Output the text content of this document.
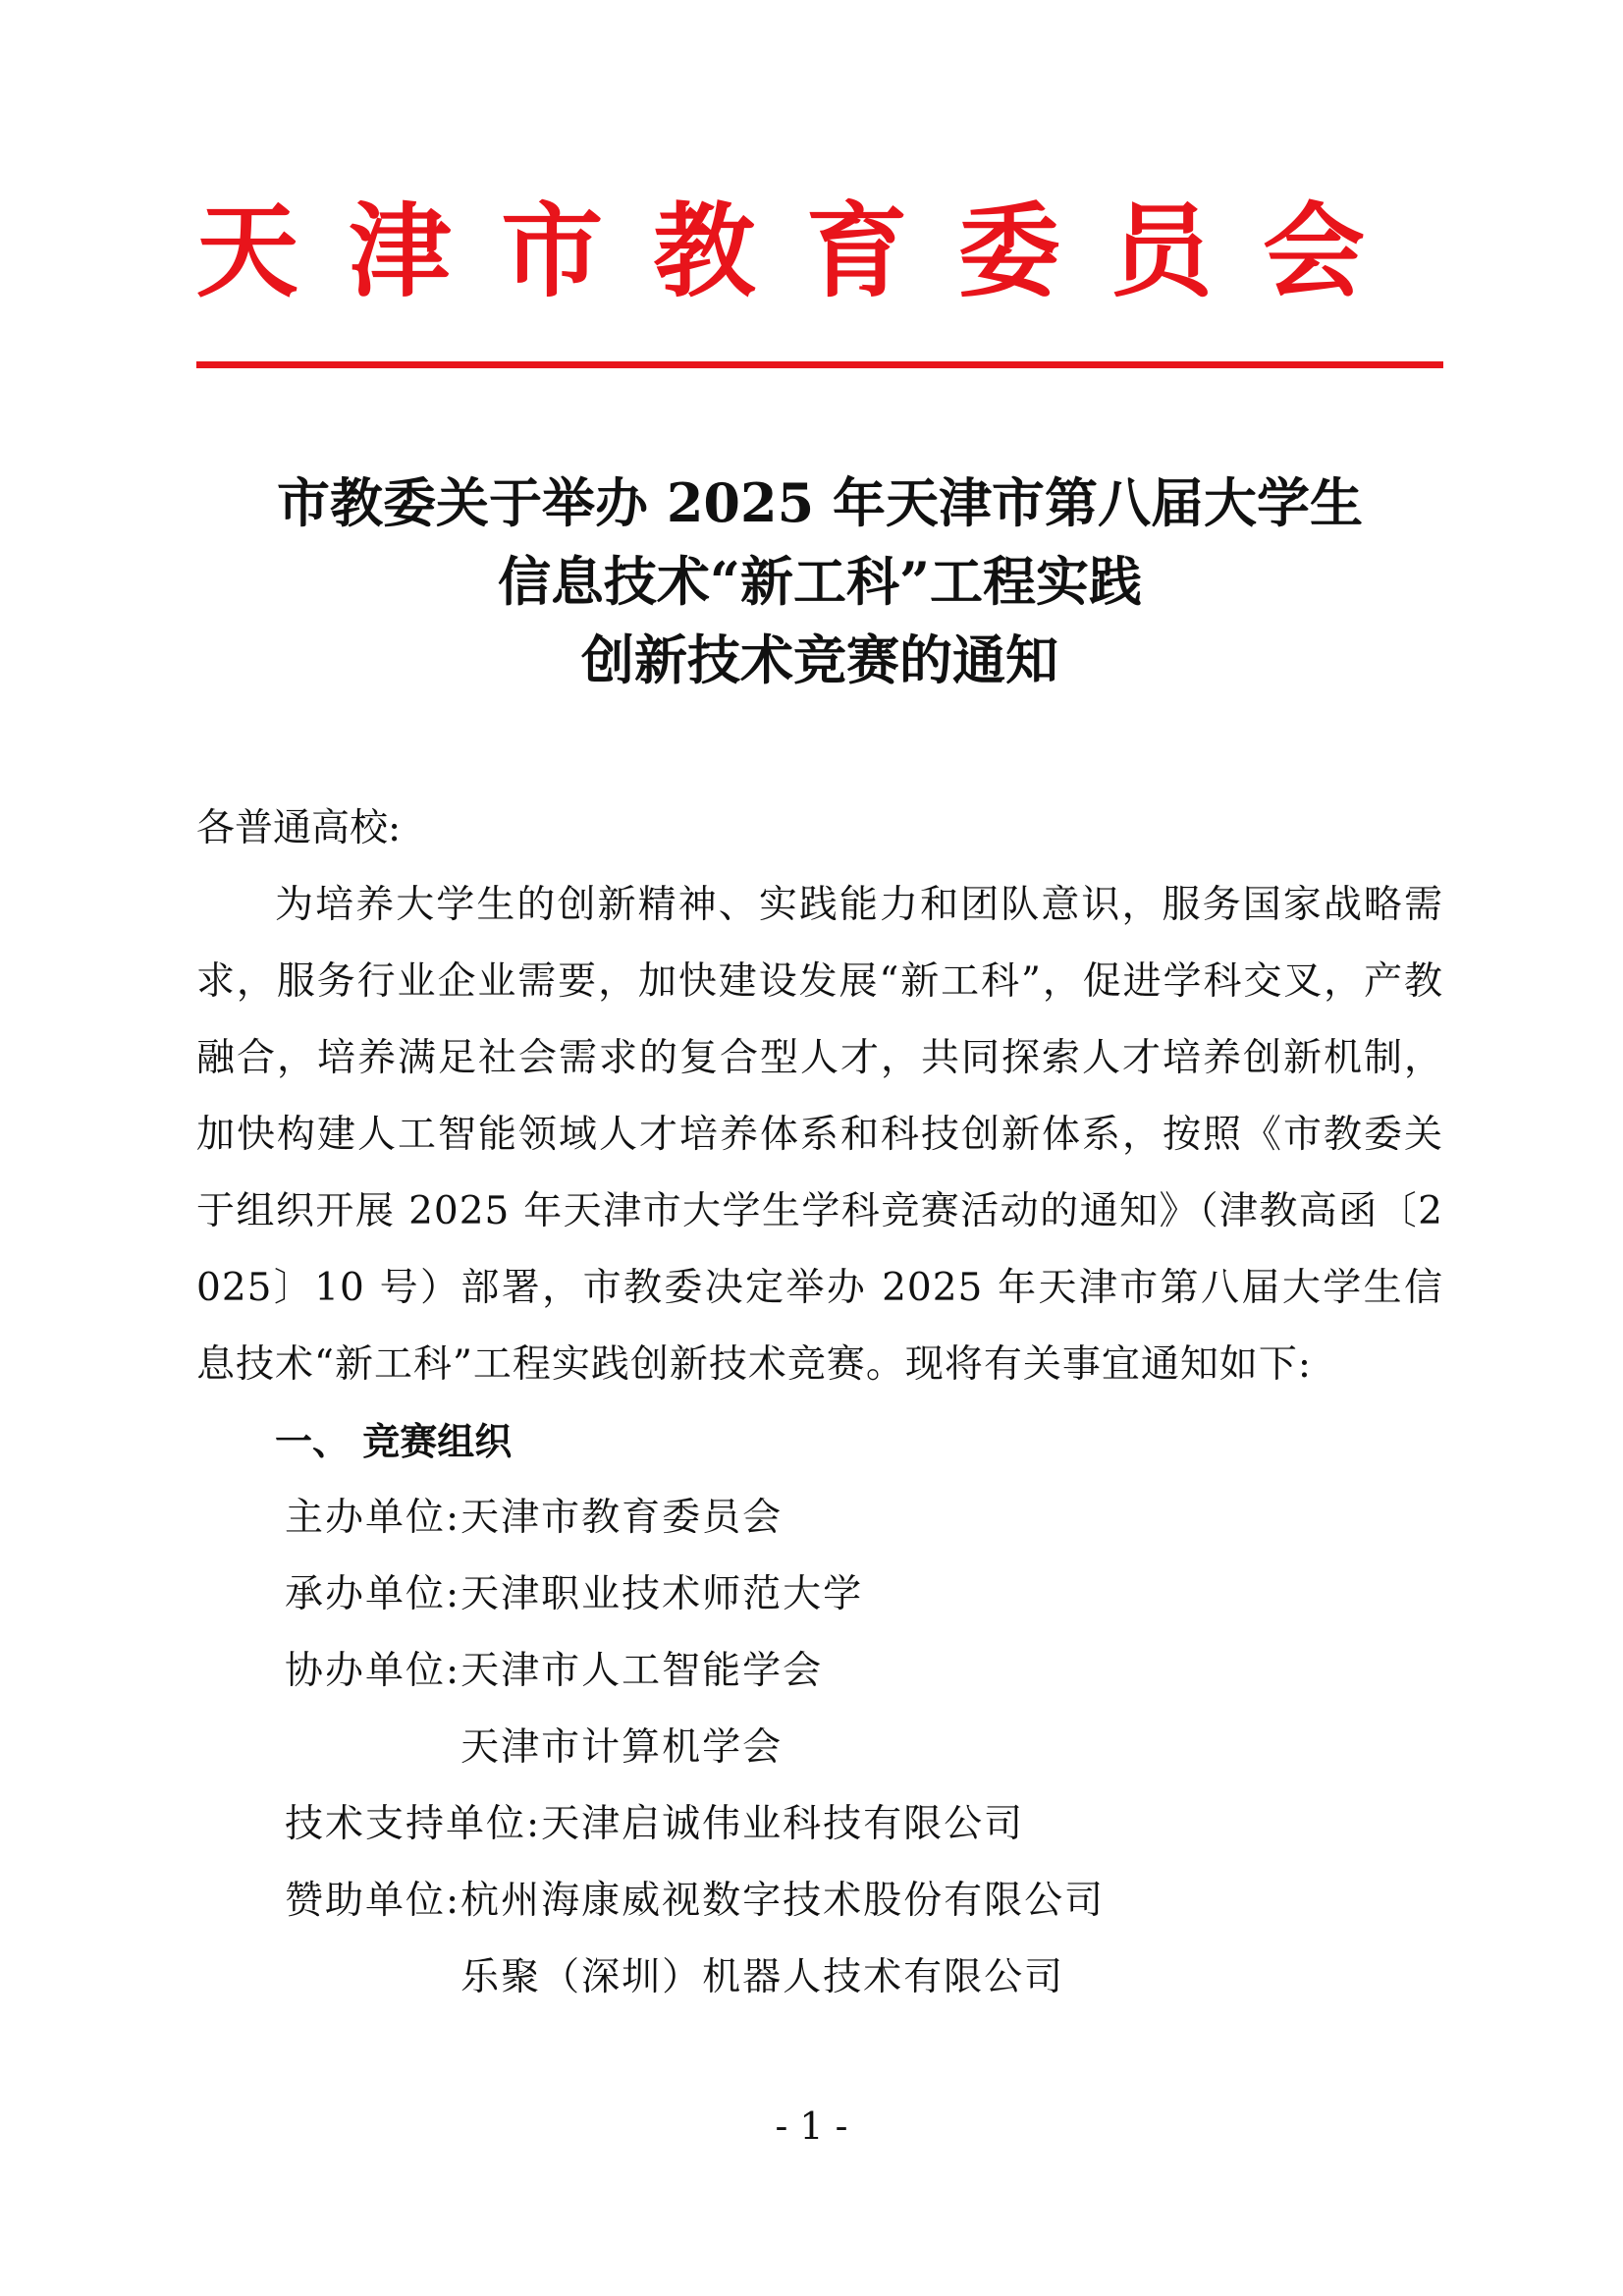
天 津 市 教 育 委 员 会
市教委关于举办 2025 年天津市第八届大学生
信息技术“新工科”工程实践
创新技术竞赛的通知
各普通高校:
为培养大学生的创新精神、实践能力和团队意识，服务国家战略需求，服务行业企业需要，加快建设发展“新工科”，促进学科交叉，产教融合，培养满足社会需求的复合型人才，共同探索人才培养创新机制，加快构建人工智能领域人才培养体系和科技创新体系，按照《市教委关于组织开展 2025 年天津市大学生学科竞赛活动的通知》（津教高函〔2025〕10 号）部署，市教委决定举办 2025 年天津市第八届大学生信息技术“新工科”工程实践创新技术竞赛。现将有关事宜通知如下:
一、 竞赛组织
主办单位: 天津市教育委员会
承办单位: 天津职业技术师范大学
协办单位: 天津市人工智能学会
天津市计算机学会
技术支持单位: 天津启诚伟业科技有限公司
赞助单位: 杭州海康威视数字技术股份有限公司
乐聚（深圳）机器人技术有限公司
- 1 -
